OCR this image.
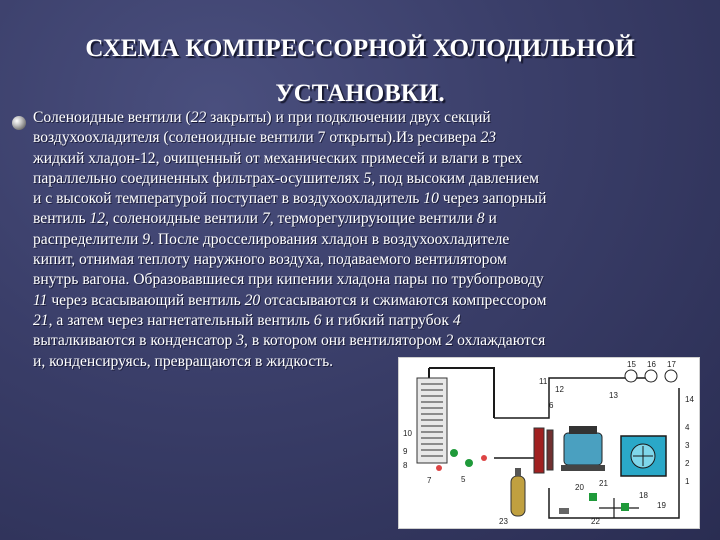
СХЕМА КОМПРЕССОРНОЙ ХОЛОДИЛЬНОЙ
УСТАНОВКИ.
Соленоидные вентили (22 закрыты) и при подключении двух секций
воздухоохладителя (соленоидные вентили 7 открыты).Из ресивера 23
жидкий хладон-12, очищенный от механических примесей и влаги в трех
параллельно соединенных фильтрах-осушителях 5, под высоким давлением
и с высокой температурой поступает в воздухоохладитель 10 через запорный
вентиль 12, соленоидные вентили 7, терморегулирующие вентили 8 и
распределители 9. После дросселирования хладон в воздухоохладителе
кипит, отнимая теплоту наружного воздуха, подаваемого вентилятором
внутрь вагона. Образовавшиеся при кипении хладона пары по трубопроводу
11 через всасывающий вентиль 20 отсасываются и сжимаются компрессором
21, а затем через нагнетательный вентиль 6 и гибкий патрубок 4
выталкиваются в конденсатор 3, в котором они вентилятором 2 охлаждаются
и, конденсируясь, превращаются в жидкость.
10
9
8
7
11
12
6
15 16 17
13	14
20 21
22
23
4
3
2
1
5
18
19
